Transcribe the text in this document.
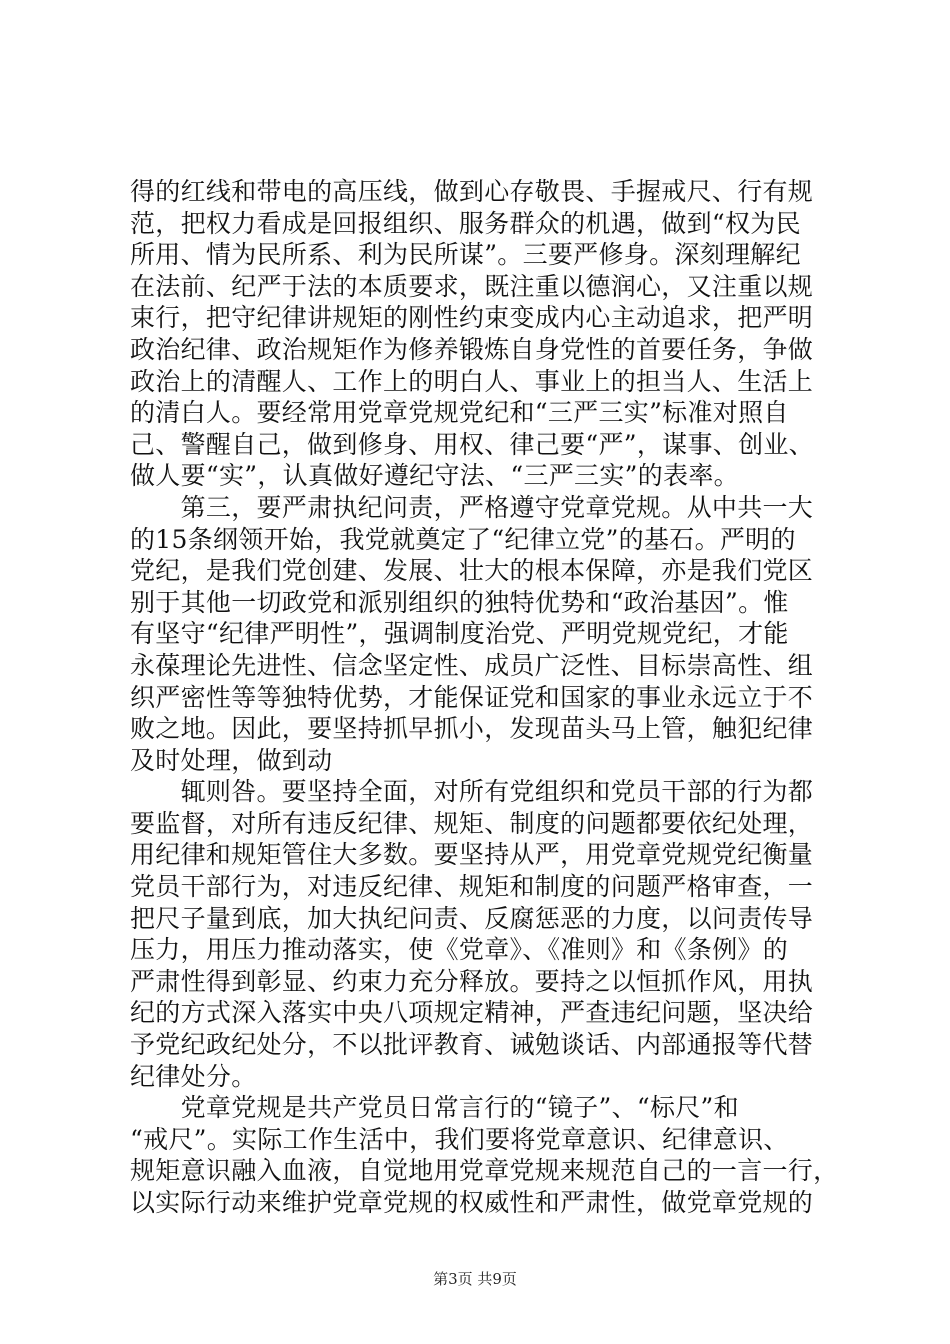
得的红线和带电的高压线，做到心存敬畏、手握戒尺、行有规
范，把权力看成是回报组织、服务群众的机遇，做到“权为民
所用、情为民所系、利为民所谋”。三要严修身。深刻理解纪
在法前、纪严于法的本质要求，既注重以德润心，又注重以规
束行，把守纪律讲规矩的刚性约束变成内心主动追求，把严明
政治纪律、政治规矩作为修养锻炼自身党性的首要任务，争做
政治上的清醒人、工作上的明白人、事业上的担当人、生活上
的清白人。要经常用党章党规党纪和“三严三实”标准对照自
己、警醒自己，做到修身、用权、律己要“严”，谋事、创业、
做人要“实”，认真做好遵纪守法、“三严三实”的表率。
　　第三，要严肃执纪问责，严格遵守党章党规。从中共一大
的15条纲领开始，我党就奠定了“纪律立党”的基石。严明的
党纪，是我们党创建、发展、壮大的根本保障，亦是我们党区
别于其他一切政党和派别组织的独特优势和“政治基因”。惟
有坚守“纪律严明性”，强调制度治党、严明党规党纪，才能
永葆理论先进性、信念坚定性、成员广泛性、目标崇高性、组
织严密性等等独特优势，才能保证党和国家的事业永远立于不
败之地。因此，要坚持抓早抓小，发现苗头马上管，触犯纪律
及时处理，做到动
　　辄则咎。要坚持全面，对所有党组织和党员干部的行为都
要监督，对所有违反纪律、规矩、制度的问题都要依纪处理，
用纪律和规矩管住大多数。要坚持从严，用党章党规党纪衡量
党员干部行为，对违反纪律、规矩和制度的问题严格审查，一
把尺子量到底，加大执纪问责、反腐惩恶的力度，以问责传导
压力，用压力推动落实，使《党章》、《准则》和《条例》的
严肃性得到彰显、约束力充分释放。要持之以恒抓作风，用执
纪的方式深入落实中央八项规定精神，严查违纪问题，坚决给
予党纪政纪处分，不以批评教育、诫勉谈话、内部通报等代替
纪律处分。
　　党章党规是共产党员日常言行的“镜子”、“标尺”和
“戒尺”。实际工作生活中，我们要将党章意识、纪律意识、
规矩意识融入血液，自觉地用党章党规来规范自己的一言一行，
以实际行动来维护党章党规的权威性和严肃性，做党章党规的
第3页 共9页
